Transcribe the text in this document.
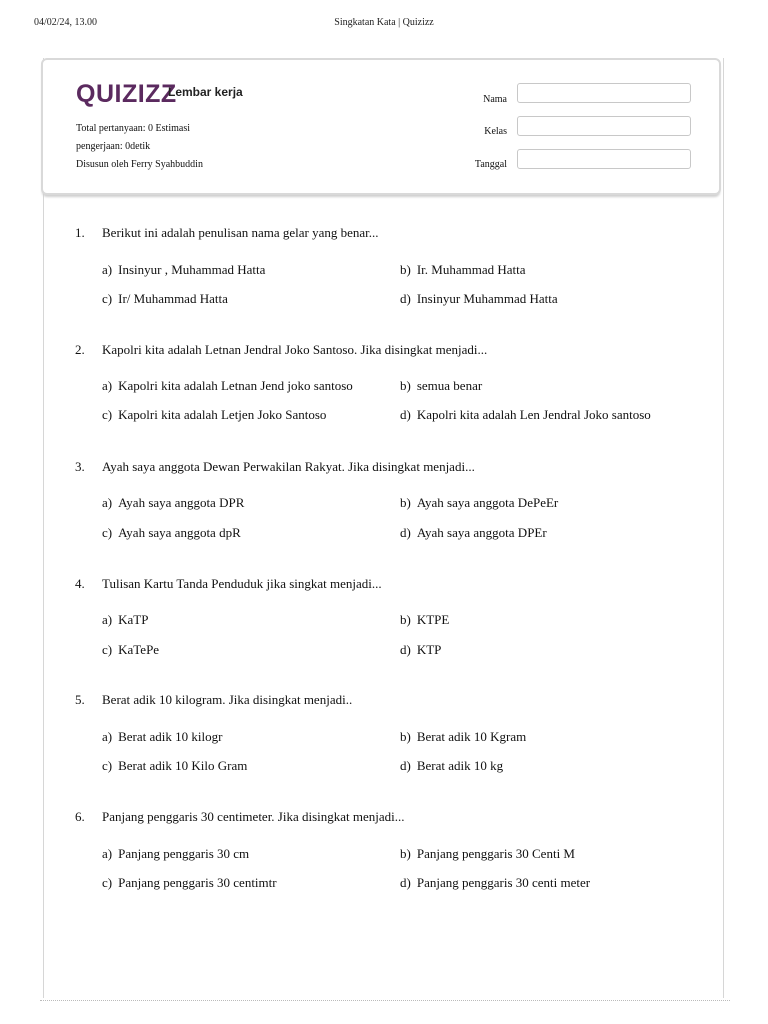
04/02/24, 13.00	Singkatan Kata | Quizizz
QUIZIZZ
Lembar kerja
Total pertanyaan: 0 Estimasi
pengerjaan: 0detik
Disusun oleh Ferry Syahbuddin
Nama
Kelas
Tanggal
1. Berikut ini adalah penulisan nama gelar yang benar...
a) Insinyur , Muhammad Hatta	b) Ir. Muhammad Hatta
c) Ir/ Muhammad Hatta	d) Insinyur Muhammad Hatta
2. Kapolri kita adalah Letnan Jendral Joko Santoso. Jika disingkat menjadi...
a) Kapolri kita adalah Letnan Jend joko santoso	b) semua benar
c) Kapolri kita adalah Letjen Joko Santoso	d) Kapolri kita adalah Len Jendral Joko santoso
3. Ayah saya anggota Dewan Perwakilan Rakyat. Jika disingkat menjadi...
a) Ayah saya anggota DPR	b) Ayah saya anggota DePeEr
c) Ayah saya anggota dpR	d) Ayah saya anggota DPEr
4. Tulisan Kartu Tanda Penduduk jika singkat menjadi...
a) KaTP	b) KTPE
c) KaTePe	d) KTP
5. Berat adik 10 kilogram. Jika disingkat menjadi..
a) Berat adik 10 kilogr	b) Berat adik 10 Kgram
c) Berat adik 10 Kilo Gram	d) Berat adik 10 kg
6. Panjang penggaris 30 centimeter. Jika disingkat menjadi...
a) Panjang penggaris 30 cm	b) Panjang penggaris 30 Centi M
c) Panjang penggaris 30 centimtr	d) Panjang penggaris 30 centi meter
